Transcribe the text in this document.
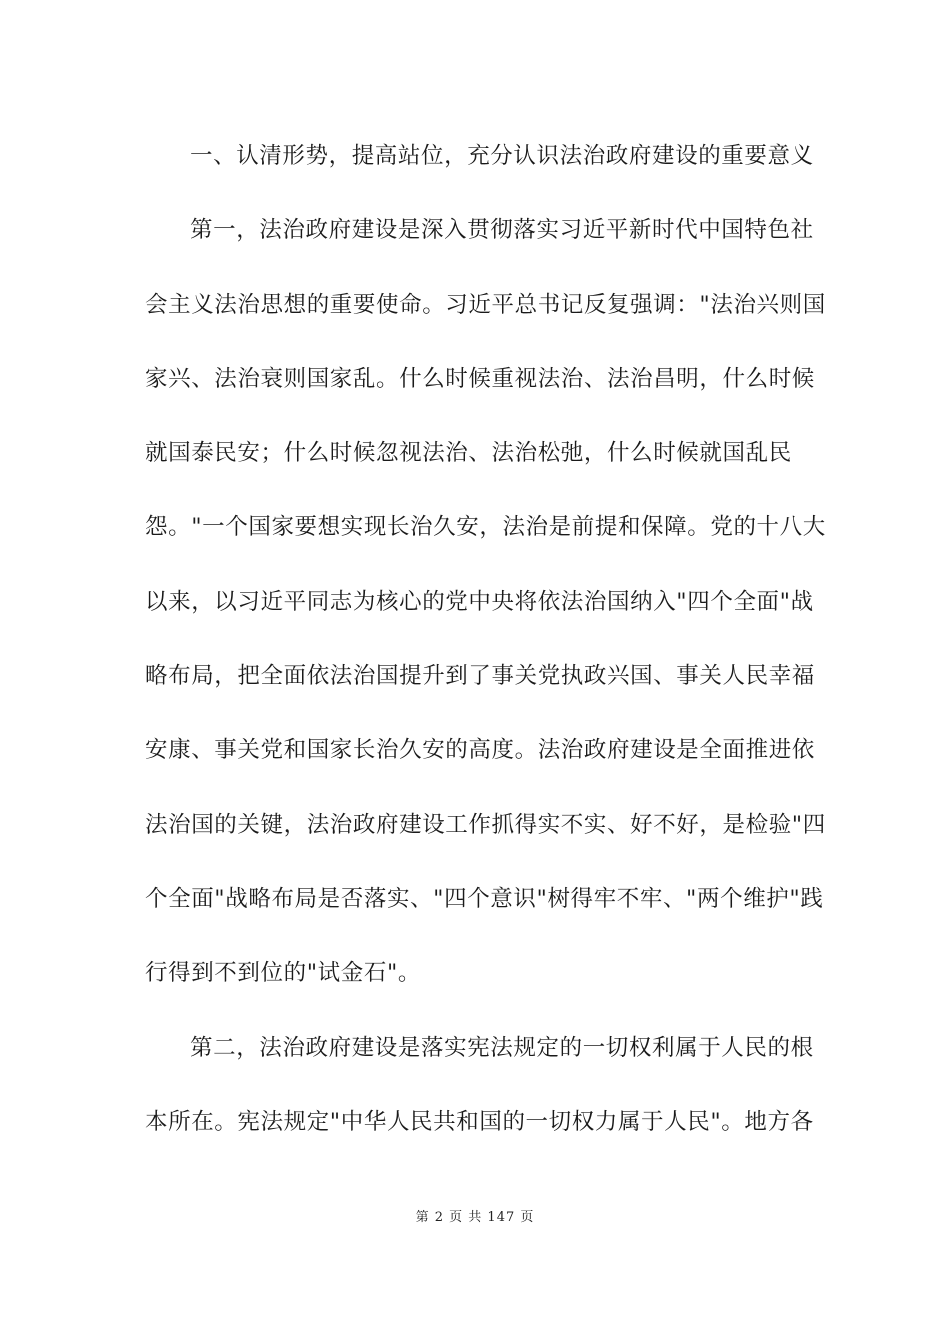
一、认清形势，提高站位，充分认识法治政府建设的重要意义
第一，法治政府建设是深入贯彻落实习近平新时代中国特色社
会主义法治思想的重要使命。习近平总书记反复强调："法治兴则国
家兴、法治衰则国家乱。什么时候重视法治、法治昌明，什么时候
就国泰民安；什么时候忽视法治、法治松弛，什么时候就国乱民
怨。"一个国家要想实现长治久安，法治是前提和保障。党的十八大
以来，以习近平同志为核心的党中央将依法治国纳入"四个全面"战
略布局，把全面依法治国提升到了事关党执政兴国、事关人民幸福
安康、事关党和国家长治久安的高度。法治政府建设是全面推进依
法治国的关键，法治政府建设工作抓得实不实、好不好，是检验"四
个全面"战略布局是否落实、"四个意识"树得牢不牢、"两个维护"践
行得到不到位的"试金石"。
第二，法治政府建设是落实宪法规定的一切权利属于人民的根
本所在。宪法规定"中华人民共和国的一切权力属于人民"。地方各
第 2 页 共 147 页
